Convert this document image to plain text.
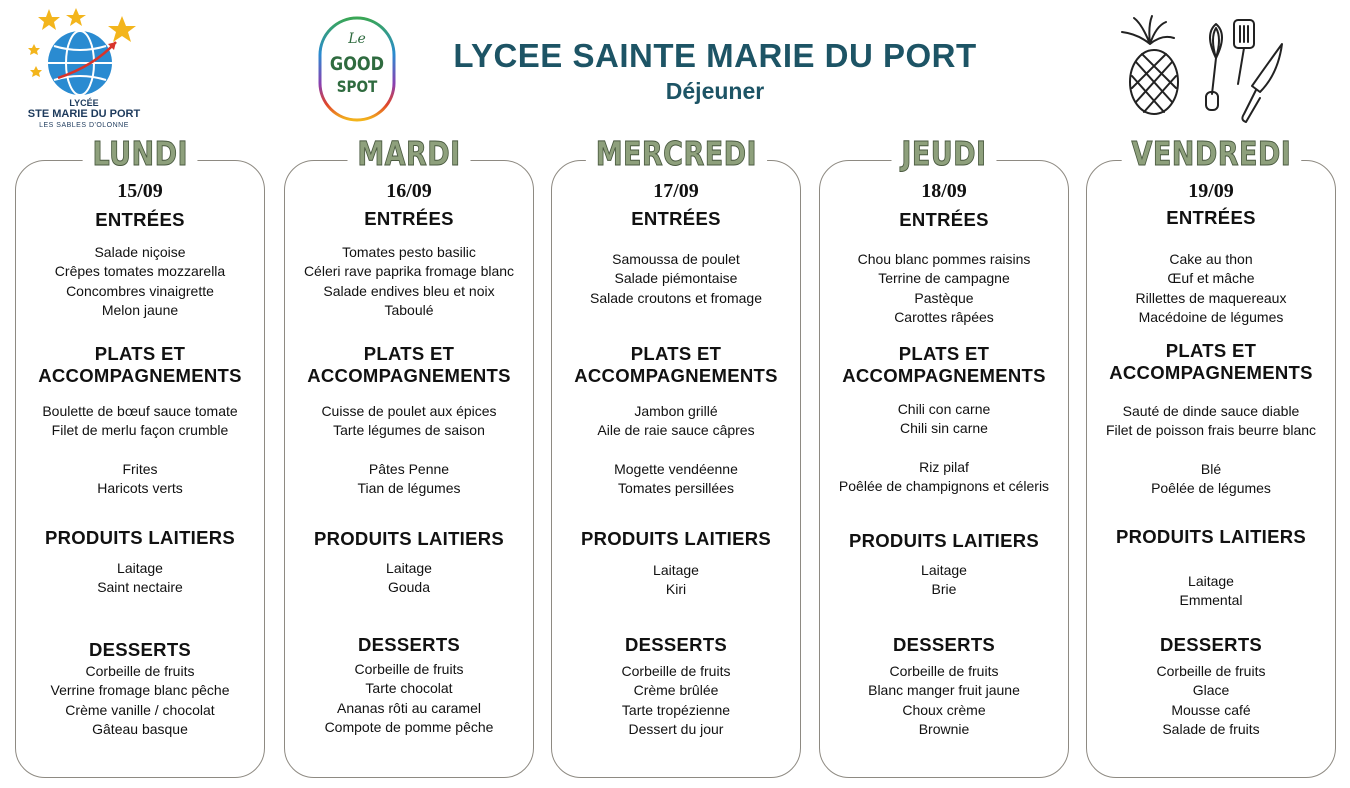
LYCÉE
STE MARIE DU PORT
LES SABLES D'OLONNE
Le
GOOD
SPOT
LYCEE SAINTE MARIE DU PORT
Déjeuner
LUNDI
15/09
ENTRÉES
Salade niçoise
Crêpes tomates mozzarella
Concombres vinaigrette
Melon jaune
PLATS ET
ACCOMPAGNEMENTS
Boulette de bœuf sauce tomate
Filet de merlu façon crumble

Frites
Haricots verts
PRODUITS LAITIERS
Laitage
Saint nectaire
DESSERTS
Corbeille de fruits
Verrine fromage blanc pêche
Crème vanille / chocolat
Gâteau basque
MARDI
16/09
ENTRÉES
Tomates pesto basilic
Céleri rave paprika fromage blanc
Salade endives bleu et noix
Taboulé
PLATS ET
ACCOMPAGNEMENTS
Cuisse de poulet aux épices
Tarte légumes de saison

Pâtes Penne
Tian de légumes
PRODUITS LAITIERS
Laitage
Gouda
DESSERTS
Corbeille de fruits
Tarte chocolat
Ananas rôti au caramel
Compote de pomme pêche
MERCREDI
17/09
ENTRÉES
Samoussa de poulet
Salade piémontaise
Salade croutons et fromage
PLATS ET
ACCOMPAGNEMENTS
Jambon grillé
Aile de raie sauce câpres

Mogette vendéenne
Tomates persillées
PRODUITS LAITIERS
Laitage
Kiri
DESSERTS
Corbeille de fruits
Crème brûlée
Tarte tropézienne
Dessert du jour
JEUDI
18/09
ENTRÉES
Chou blanc pommes raisins
Terrine de campagne
Pastèque
Carottes râpées
PLATS ET
ACCOMPAGNEMENTS
Chili con carne
Chili sin carne

Riz pilaf
Poêlée de champignons et céleris
PRODUITS LAITIERS
Laitage
Brie
DESSERTS
Corbeille de fruits
Blanc manger fruit jaune
Choux crème
Brownie
VENDREDI
19/09
ENTRÉES
Cake au thon
Œuf et mâche
Rillettes de maquereaux
Macédoine de légumes
PLATS ET
ACCOMPAGNEMENTS
Sauté de dinde sauce diable
Filet de poisson frais beurre blanc

Blé
Poêlée de légumes
PRODUITS LAITIERS
Laitage
Emmental
DESSERTS
Corbeille de fruits
Glace
Mousse café
Salade de fruits
